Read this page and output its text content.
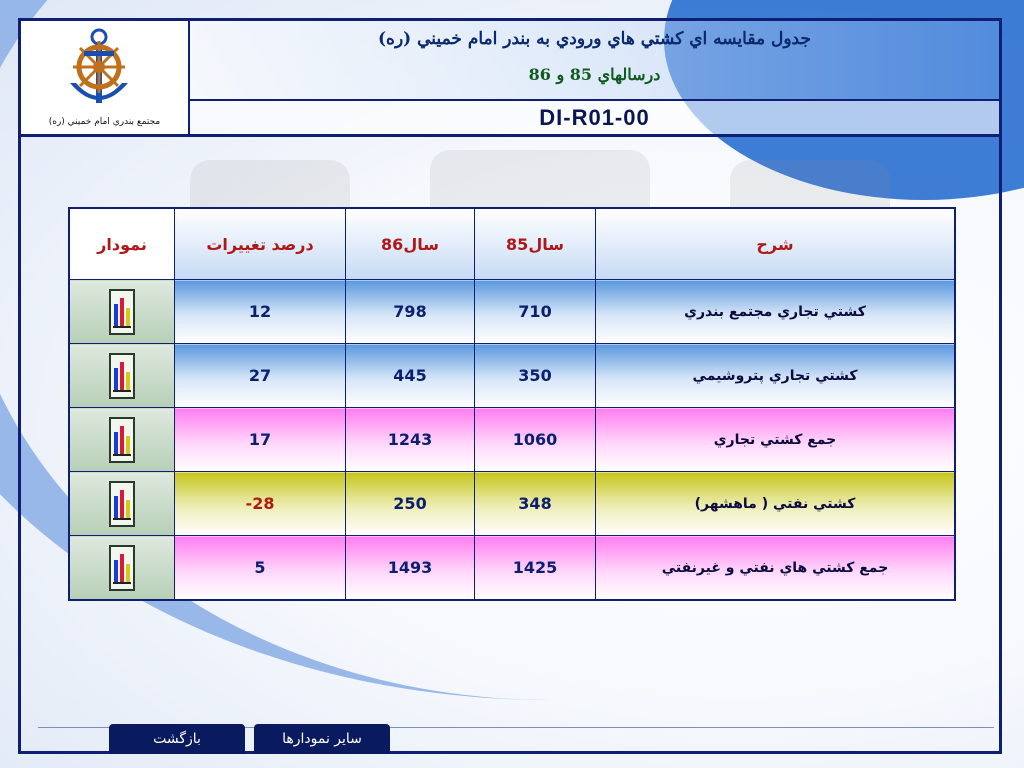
مجتمع بندري امام خميني (ره)
جدول مقايسه اي كشتي هاي ورودي به بندر امام خميني (ره)
درسالهاي 85 و 86
DI-R01-00
نمودار	درصد تغييرات	سال86	سال85	شرح

	12	798	710	كشتي تجاري مجتمع بندري

	27	445	350	كشتي تجاري پتروشيمي

	17	1243	1060	جمع كشتي تجاري

	-28	250	348	كشتي نفتي ( ماهشهر)

	5	1493	1425	جمع كشتي هاي نفتي و غيرنفتي
بازگشت	ساير نمودارها
